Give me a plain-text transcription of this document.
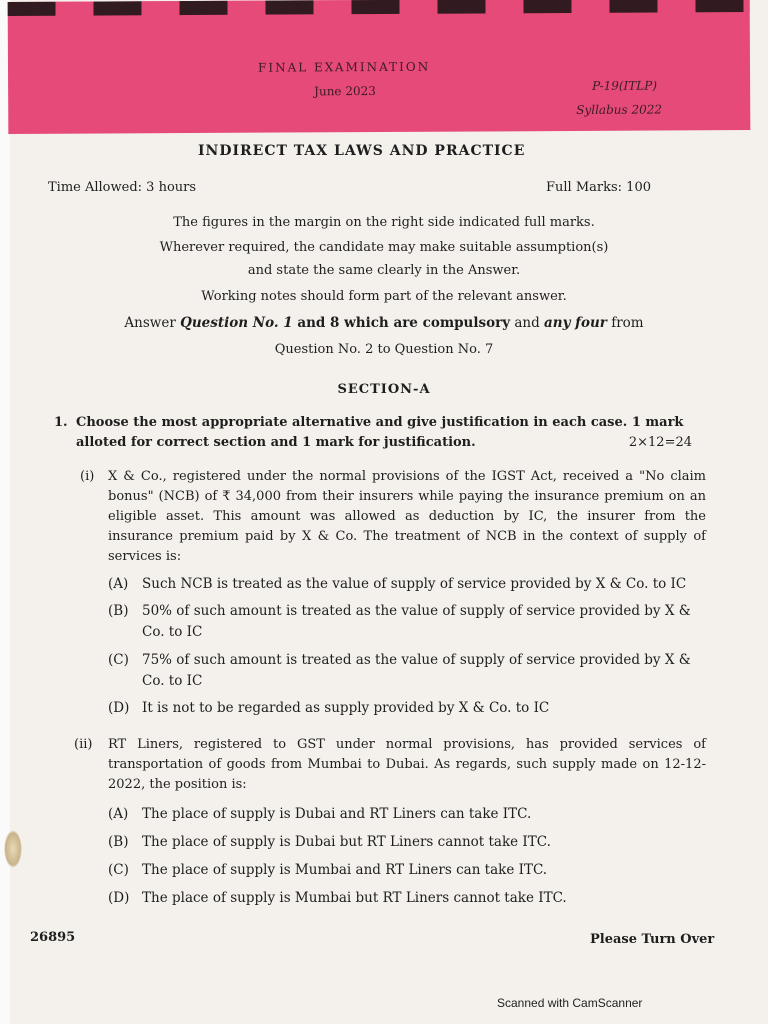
FINAL EXAMINATION
June 2023	P-19(ITLP)
Syllabus 2022
INDIRECT TAX LAWS AND PRACTICE
Time Allowed: 3 hours	Full Marks: 100
The figures in the margin on the right side indicated full marks.
Wherever required, the candidate may make suitable assumption(s)
and state the same clearly in the Answer.
Working notes should form part of the relevant answer.
Answer Question No. 1 and 8 which are compulsory and any four from
Question No. 2 to Question No. 7
SECTION-A
1. Choose the most appropriate alternative and give justification in each case. 1 mark alloted for correct section and 1 mark for justification.	2×12=24
(i) X & Co., registered under the normal provisions of the IGST Act, received a "No claim bonus" (NCB) of ₹ 34,000 from their insurers while paying the insurance premium on an eligible asset. This amount was allowed as deduction by IC, the insurer from the insurance premium paid by X & Co. The treatment of NCB in the context of supply of services is:
(A) Such NCB is treated as the value of supply of service provided by X & Co. to IC
(B) 50% of such amount is treated as the value of supply of service provided by X & Co. to IC
(C) 75% of such amount is treated as the value of supply of service provided by X & Co. to IC
(D) It is not to be regarded as supply provided by X & Co. to IC
(ii) RT Liners, registered to GST under normal provisions, has provided services of transportation of goods from Mumbai to Dubai. As regards, such supply made on 12-12-2022, the position is:
(A) The place of supply is Dubai and RT Liners can take ITC.
(B) The place of supply is Dubai but RT Liners cannot take ITC.
(C) The place of supply is Mumbai and RT Liners can take ITC.
(D) The place of supply is Mumbai but RT Liners cannot take ITC.
26895	Please Turn Over
Scanned with CamScanner
